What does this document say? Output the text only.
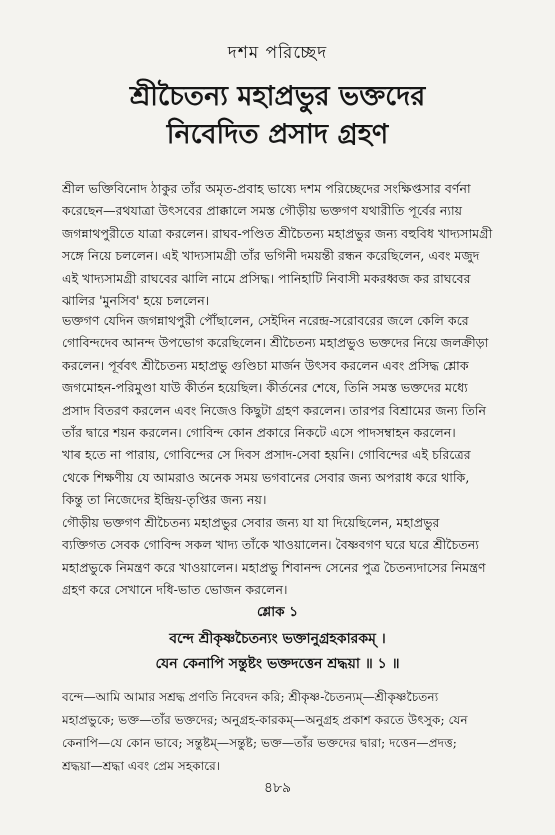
দশম পরিচ্ছেদ
শ্রীচৈতন্য মহাপ্রভুর ভক্তদের
নিবেদিত প্রসাদ গ্রহণ
শ্রীল ভক্তিবিনোদ ঠাকুর তাঁর অমৃত-প্রবাহ ভাষ্যে দশম পরিচ্ছেদের সংক্ষিপ্তসার বর্ণনা
করেছেন—রথযাত্রা উৎসবের প্রাক্কালে সমস্ত গৌড়ীয় ভক্তগণ যথারীতি পূর্বের ন্যায়
জগন্নাথপুরীতে যাত্রা করলেন। রাঘব-পণ্ডিত শ্রীচৈতন্য মহাপ্রভুর জন্য বহুবিধ খাদ্যসামগ্রী
সঙ্গে নিয়ে চললেন। এই খাদ্যসামগ্রী তাঁর ভগিনী দময়ন্তী রন্ধন করেছিলেন, এবং মজুদ
এই খাদ্যসামগ্রী রাঘবের ঝালি নামে প্রসিদ্ধ। পানিহাটি নিবাসী মকরধ্বজ কর রাঘবের
ঝালির 'মুনসিব' হয়ে চললেন।
ভক্তগণ যেদিন জগন্নাথপুরী পৌঁছালেন, সেইদিন নরেন্দ্র-সরোবরের জলে কেলি করে
গোবিন্দদেব আনন্দ উপভোগ করেছিলেন। শ্রীচৈতন্য মহাপ্রভুও ভক্তদের নিয়ে জলক্রীড়া
করলেন। পূর্ববৎ শ্রীচৈতন্য মহাপ্রভু গুণ্ডিচা মার্জন উৎসব করলেন এবং প্রসিদ্ধ শ্লোক
জগমোহন-পরিমুণ্ডা যাউ কীর্তন হয়েছিল। কীর্তনের শেষে, তিনি সমস্ত ভক্তদের মধ্যে
প্রসাদ বিতরণ করলেন এবং নিজেও কিছুটা গ্রহণ করলেন। তারপর বিশ্রামের জন্য তিনি
তাঁর দ্বারে শয়ন করলেন। গোবিন্দ কোন প্রকারে নিকটে এসে পাদসম্বাহন করলেন।
খাৰ হতে না পারায়, গোবিন্দের সে দিবস প্রসাদ-সেবা হয়নি। গোবিন্দের এই চরিত্রের
থেকে শিক্ষণীয় যে আমরাও অনেক সময় ভগবানের সেবার জন্য অপরাধ করে থাকি,
কিন্তু তা নিজেদের ইন্দ্রিয়-তৃপ্তির জন্য নয়।
গৌড়ীয় ভক্তগণ শ্রীচৈতন্য মহাপ্রভুর সেবার জন্য যা যা দিয়েছিলেন, মহাপ্রভুর
ব্যক্তিগত সেবক গোবিন্দ সকল খাদ্য তাঁকে খাওয়ালেন। বৈষ্ণবগণ ঘরে ঘরে শ্রীচৈতন্য
মহাপ্রভুকে নিমন্ত্রণ করে খাওয়ালেন। মহাপ্রভু শিবানন্দ সেনের পুত্র চৈতন্যদাসের নিমন্ত্রণ
গ্রহণ করে সেখানে দধি-ভাত ভোজন করলেন।
শ্লোক ১
বন্দে শ্রীকৃষ্ণচৈতন্যং ভক্তানুগ্রহকারকম্ ।
যেন কেনাপি সন্তুষ্টং ভক্তদত্তেন শ্রদ্ধয়া ॥ ১ ॥
বন্দে—আমি আমার সশ্রদ্ধ প্রণতি নিবেদন করি; শ্রীকৃষ্ণ-চৈতন্যম্—শ্রীকৃষ্ণচৈতন্য
মহাপ্রভুকে; ভক্ত—তাঁর ভক্তদের; অনুগ্রহ-কারকম্—অনুগ্রহ প্রকাশ করতে উৎসুক; যেন
কেনাপি—যে কোন ভাবে; সন্তুষ্টম্—সন্তুষ্ট; ভক্ত—তাঁর ভক্তদের দ্বারা; দত্তেন—প্রদত্ত;
শ্রদ্ধয়া—শ্রদ্ধা এবং প্রেম সহকারে।
৪৮৯
